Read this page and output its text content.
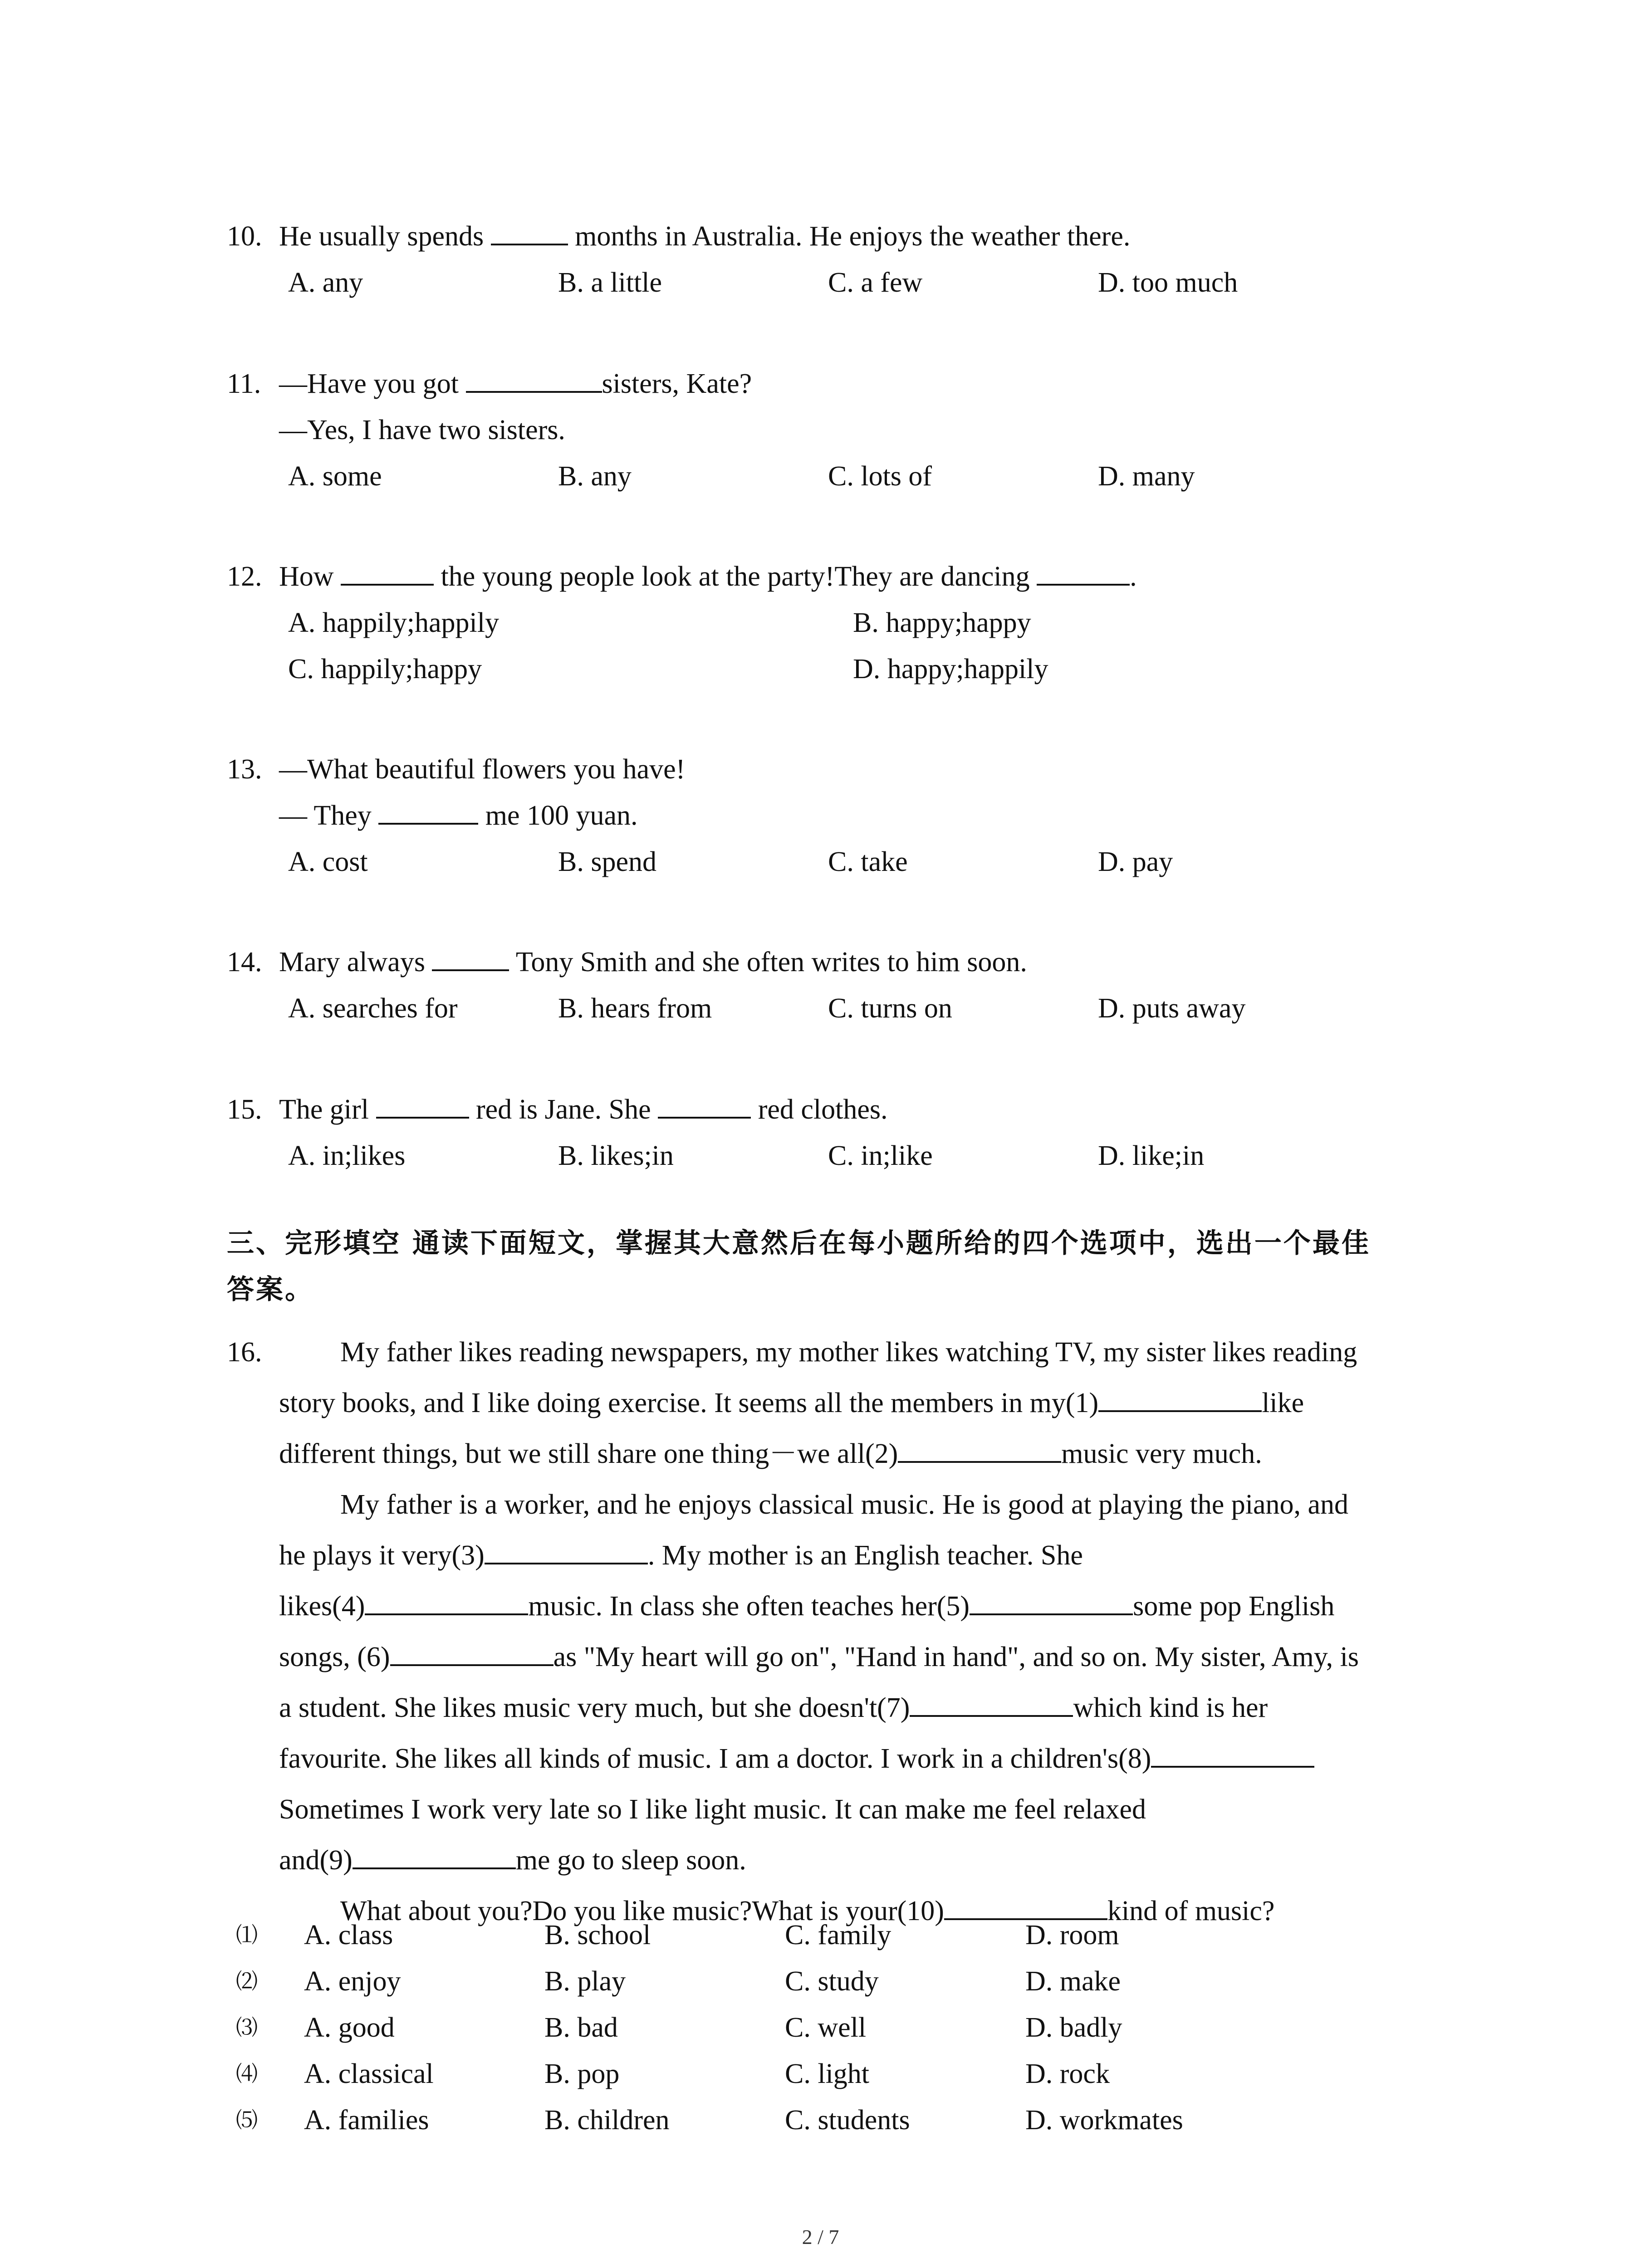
10. He usually spends	months in Australia. He enjoys the weather there.
A. any	B. a little	C. a few	D. too much
11. —Have you got	sisters, Kate?
—Yes, I have two sisters.
A. some	B. any	C. lots of	D. many
12. How	the young people look at the party!They are dancing	.
A. happily;happily	B. happy;happy
C. happily;happy	D. happy;happily
13. —What beautiful flowers you have!
— They	me 100 yuan.
A. cost	B. spend	C. take	D. pay
14. Mary always	Tony Smith and she often writes to him soon.
A. searches for	B. hears from	C. turns on	D. puts away
15. The girl	red is Jane. She	red clothes.
A. in;likes	B. likes;in	C. in;like	D. like;in
三、完形填空 通读下面短文，掌握其大意然后在每小题所给的四个选项中，选出一个最佳
答案。
16.	My father likes reading newspapers, my mother likes watching TV, my sister likes reading
story books, and I like doing exercise. It seems all the members in my(1)	like
different things, but we still share one thing－we all(2)	music very much.
My father is a worker, and he enjoys classical music. He is good at playing the piano, and
he plays it very(3)	. My mother is an English teacher. She
likes(4)	music. In class she often teaches her(5)	some pop English
songs, (6)	as "My heart will go on", "Hand in hand", and so on. My sister, Amy, is
a student. She likes music very much, but she doesn't(7)	which kind is her
favourite. She likes all kinds of music. I am a doctor. I work in a children's(8)
Sometimes I work very late so I like light music. It can make me feel relaxed
and(9)	me go to sleep soon.
What about you?Do you like music?What is your(10)	kind of music?
⑴ A. class	B. school	C. family	D. room
⑵ A. enjoy	B. play	C. study	D. make
⑶ A. good	B. bad	C. well	D. badly
⑷ A. classical	B. pop	C. light	D. rock
⑸ A. families	B. children	C. students	D. workmates
2 / 7
